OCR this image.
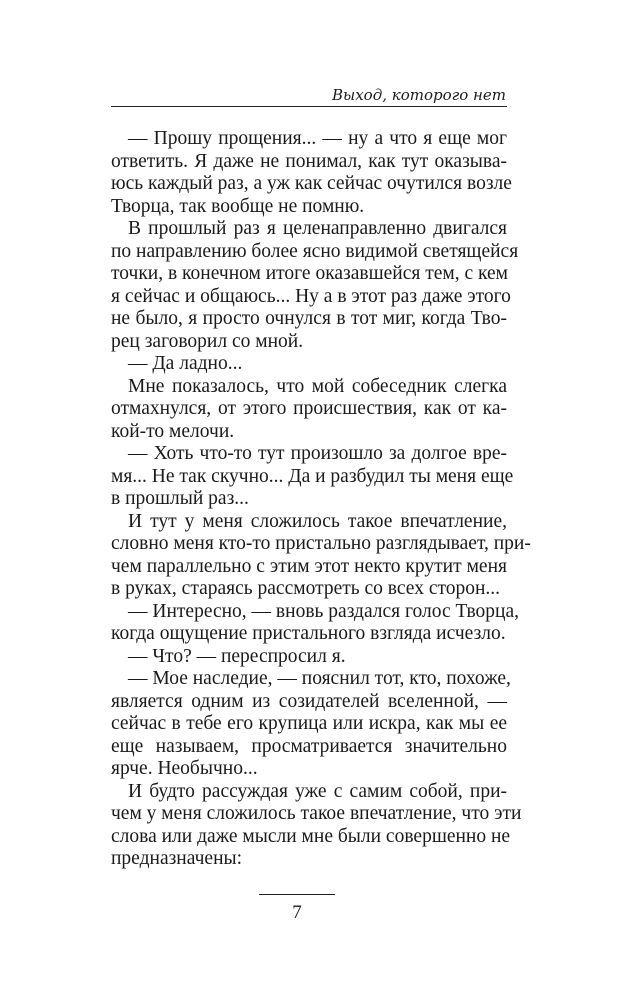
Выход, которого нет
— Прошу прощения... — ну а что я еще мог
ответить. Я даже не понимал, как тут оказыва-
юсь каждый раз, а уж как сейчас очутился возле
Творца, так вообще не помню.
В прошлый раз я целенаправленно двигался
по направлению более ясно видимой светящейся
точки, в конечном итоге оказавшейся тем, с кем
я сейчас и общаюсь... Ну а в этот раз даже этого
не было, я просто очнулся в тот миг, когда Тво-
рец заговорил со мной.
— Да ладно...
Мне показалось, что мой собеседник слегка
отмахнулся, от этого происшествия, как от ка-
кой-то мелочи.
— Хоть что-то тут произошло за долгое вре-
мя... Не так скучно... Да и разбудил ты меня еще
в прошлый раз...
И тут у меня сложилось такое впечатление,
словно меня кто-то пристально разглядывает, при-
чем параллельно с этим этот некто крутит меня
в руках, стараясь рассмотреть со всех сторон...
— Интересно, — вновь раздался голос Творца,
когда ощущение пристального взгляда исчезло.
— Что? — переспросил я.
— Мое наследие, — пояснил тот, кто, похоже,
является одним из созидателей вселенной, —
сейчас в тебе его крупица или искра, как мы ее
еще называем, просматривается значительно
ярче. Необычно...
И будто рассуждая уже с самим собой, при-
чем у меня сложилось такое впечатление, что эти
слова или даже мысли мне были совершенно не
предназначены:
7
